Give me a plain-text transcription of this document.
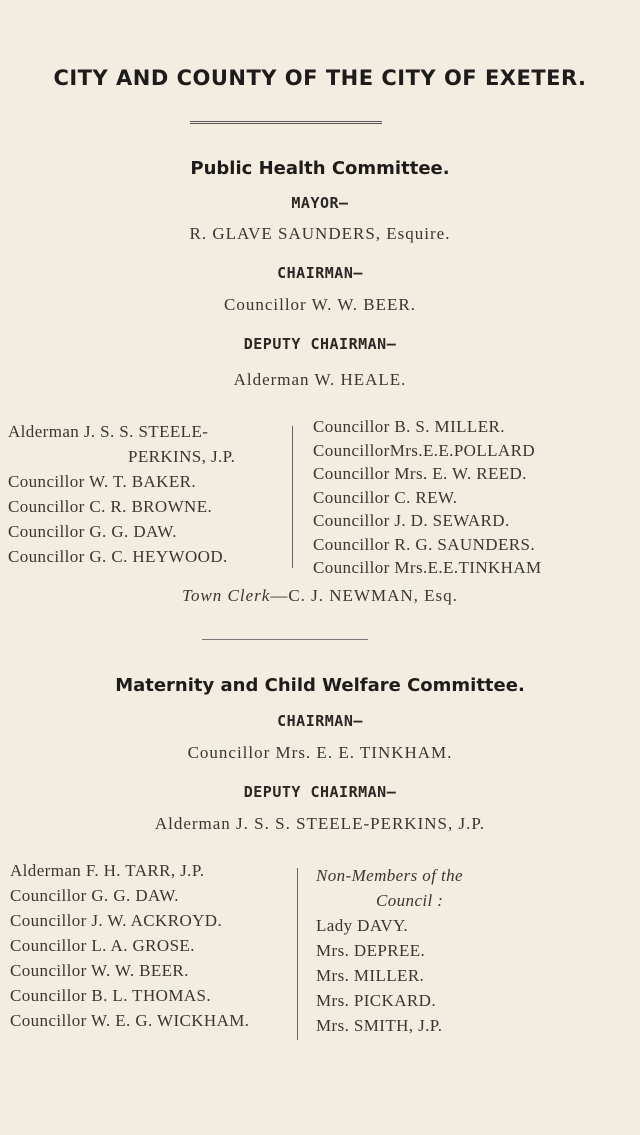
CITY AND COUNTY OF THE CITY OF EXETER.
Public Health Committee.
MAYOR—
R. GLAVE SAUNDERS, Esquire.
CHAIRMAN—
Councillor W. W. BEER.
DEPUTY CHAIRMAN—
Alderman W. HEALE.
Alderman J. S. S. STEELE-
PERKINS, J.P.
Councillor W. T. BAKER.
Councillor C. R. BROWNE.
Councillor G. G. DAW.
Councillor G. C. HEYWOOD.
Councillor B. S. MILLER.
CouncillorMrs.E.E.POLLARD
Councillor Mrs. E. W. REED.
Councillor C. REW.
Councillor J. D. SEWARD.
Councillor R. G. SAUNDERS.
Councillor Mrs.E.E.TINKHAM
Town Clerk—C. J. NEWMAN, Esq.
Maternity and Child Welfare Committee.
CHAIRMAN—
Councillor Mrs. E. E. TINKHAM.
DEPUTY CHAIRMAN—
Alderman J. S. S. STEELE-PERKINS, J.P.
Alderman F. H. TARR, J.P.
Councillor G. G. DAW.
Councillor J. W. ACKROYD.
Councillor L. A. GROSE.
Councillor W. W. BEER.
Councillor B. L. THOMAS.
Councillor W. E. G. WICKHAM.
Non-Members of the
Council :
Lady DAVY.
Mrs. DEPREE.
Mrs. MILLER.
Mrs. PICKARD.
Mrs. SMITH, J.P.
